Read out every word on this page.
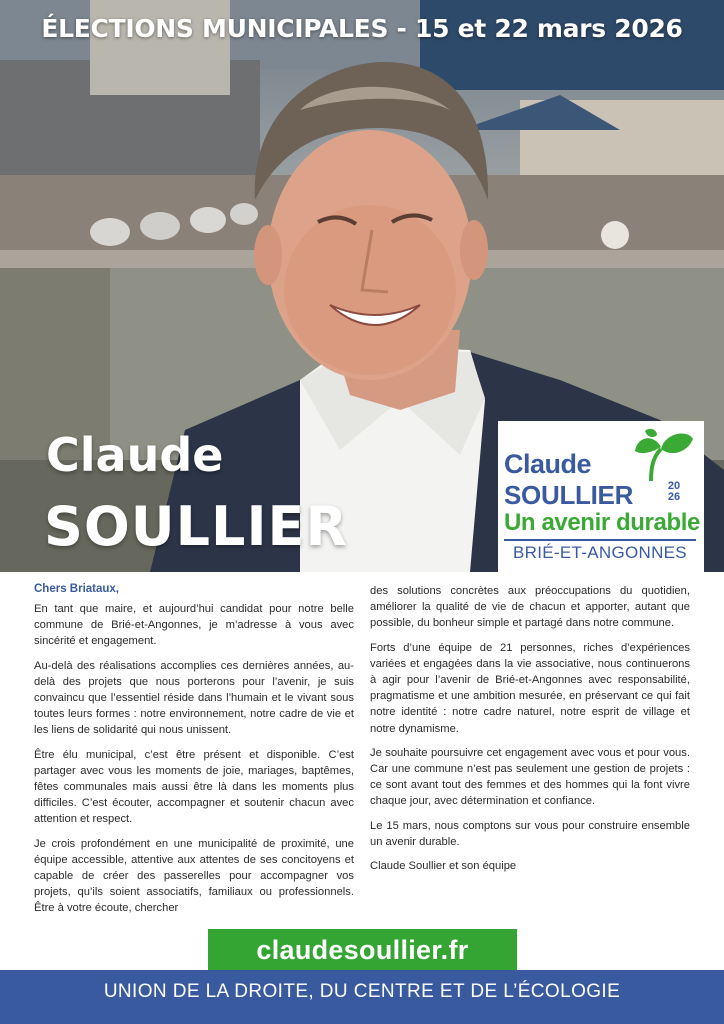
ÉLECTIONS MUNICIPALES - 15 et 22 mars 2026
Claude
SOULLIER
Claude
SOULLIER	20
26
Un avenir durable
BRIÉ-ET-ANGONNES
Chers Briataux,

En tant que maire, et aujourd’hui candidat pour notre belle commune de Brié-et-Angonnes, je m’adresse à vous avec sincérité et engagement.

Au-delà des réalisations accomplies ces dernières années, au-delà des projets que nous porterons pour l’avenir, je suis convaincu que l’essentiel réside dans l’humain et le vivant sous toutes leurs formes : notre environnement, notre cadre de vie et les liens de solidarité qui nous unissent.

Être élu municipal, c’est être présent et disponible. C’est partager avec vous les moments de joie, mariages, baptêmes, fêtes communales mais aussi être là dans les moments plus difficiles. C’est écouter, accompagner et soutenir chacun avec attention et respect.

Je crois profondément en une municipalité de proximité, une équipe accessible, attentive aux attentes de ses concitoyens et capable de créer des passerelles pour accompagner vos projets, qu’ils soient associatifs, familiaux ou professionnels. Être à votre écoute, chercher

des solutions concrètes aux préoccupations du quotidien, améliorer la qualité de vie de chacun et apporter, autant que possible, du bonheur simple et partagé dans notre commune.

Forts d’une équipe de 21 personnes, riches d’expériences variées et engagées dans la vie associative, nous continuerons à agir pour l’avenir de Brié-et-Angonnes avec responsabilité, pragmatisme et une ambition mesurée, en préservant ce qui fait notre identité : notre cadre naturel, notre esprit de village et notre dynamisme.

Je souhaite poursuivre cet engagement avec vous et pour vous. Car une commune n’est pas seulement une gestion de projets : ce sont avant tout des femmes et des hommes qui la font vivre chaque jour, avec détermination et confiance.

Le 15 mars, nous comptons sur vous pour construire ensemble un avenir durable.

Claude Soullier et son équipe

claudesoullier.fr
UNION DE LA DROITE, DU CENTRE ET DE L’ÉCOLOGIE
